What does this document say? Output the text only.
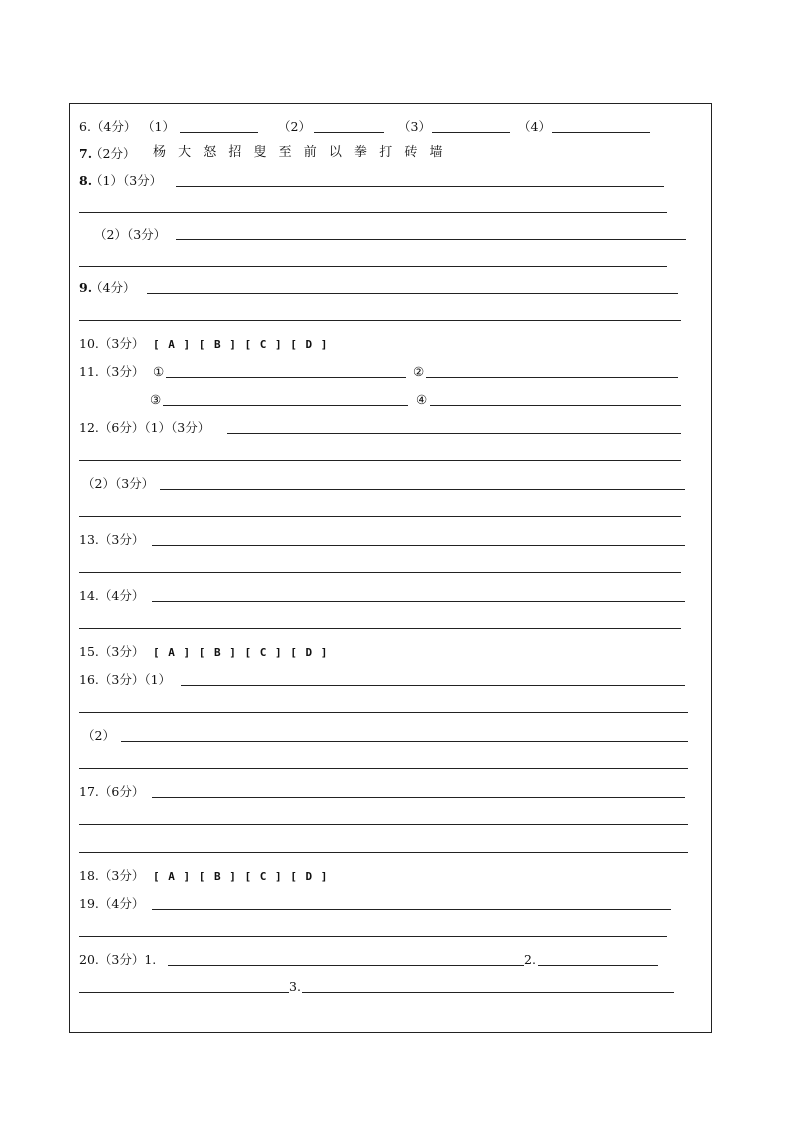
6.（4分） （1）	（2）	（3）	（4）
7.
（2分） 杨 大 怒 招 叟 至 前 以 拳 打 砖 墙
8.
（1）（3分）
（2）（3分）
9.
（4分）
10.（3分） [ A ] [ B ] [ C ] [ D ]
11.（3分） ①	②
③	④
12.（6分）（1）（3分）
（2）（3分）
13.（3分）
14.（4分）
15.（3分） [ A ] [ B ] [ C ] [ D ]
16.（3分）（1）
（2）
17.（6分）
18.（3分） [ A ] [ B ] [ C ] [ D ]
19.（4分）
20.（3分）1.	2.
3.
